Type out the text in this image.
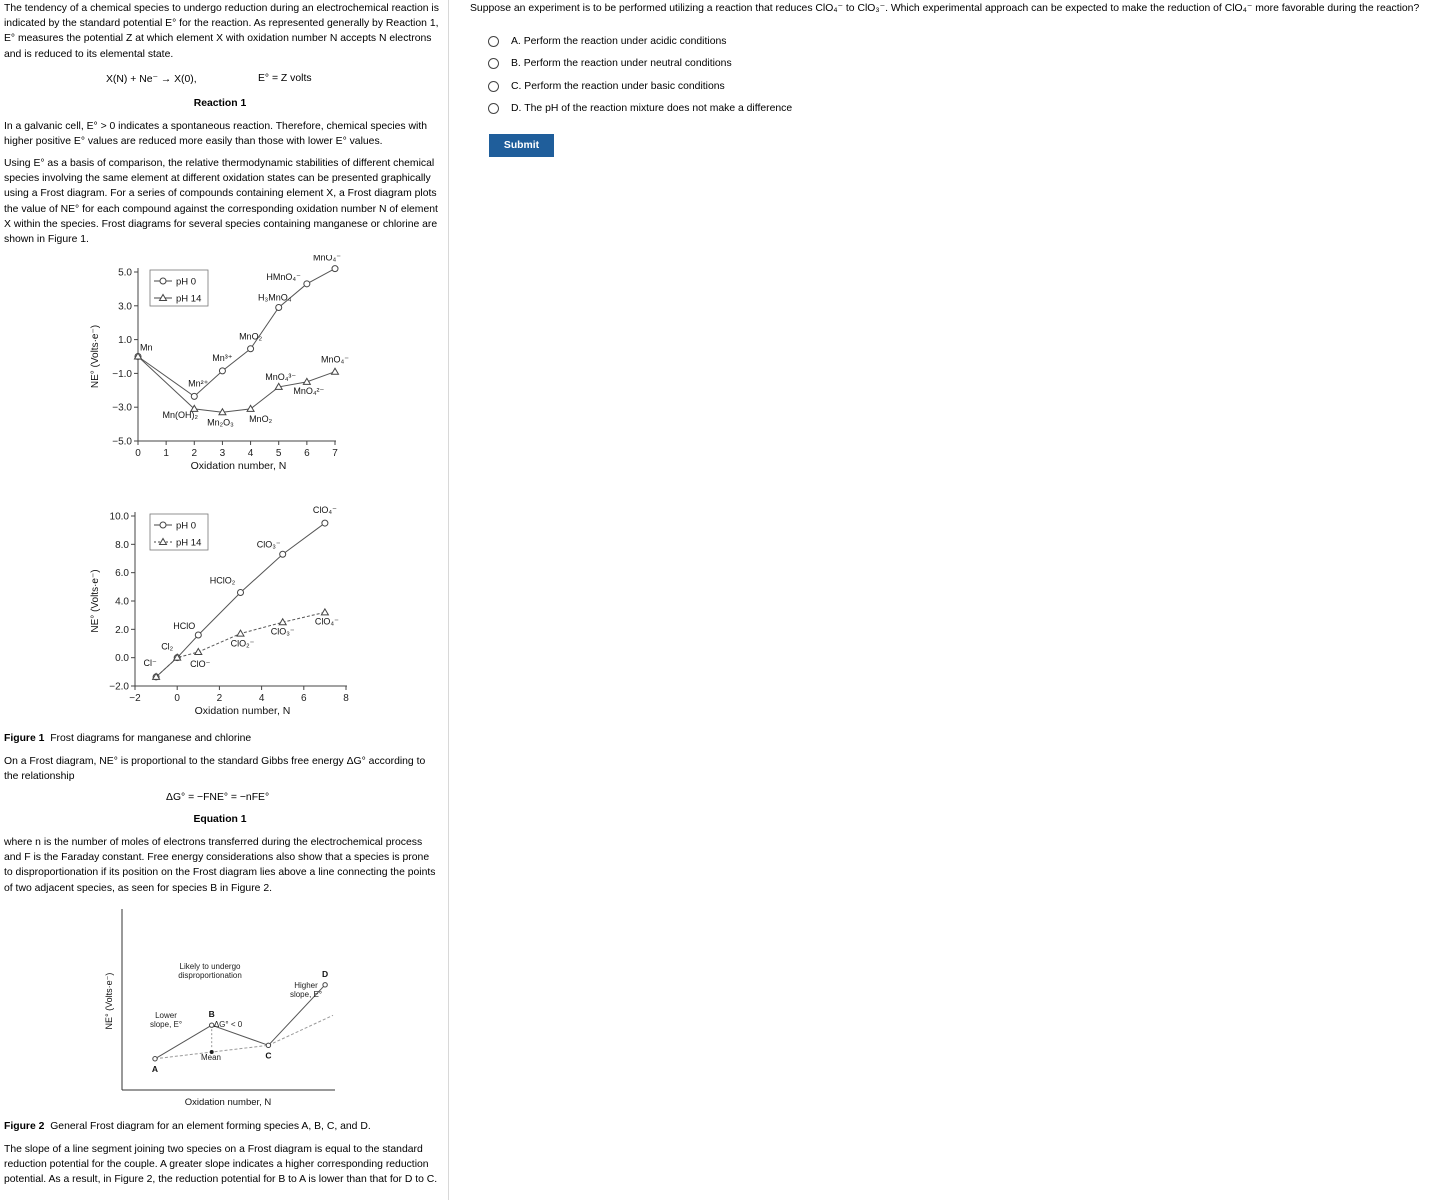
The tendency of a chemical species to undergo reduction during an electrochemical reaction is indicated by the standard potential E° for the reaction. As represented generally by Reaction 1, E° measures the potential Z at which element X with oxidation number N accepts N electrons and is reduced to its elemental state.

X(N) + Ne⁻ → X(0),	E° = Z volts
Reaction 1

In a galvanic cell, E° > 0 indicates a spontaneous reaction. Therefore, chemical species with higher positive E° values are reduced more easily than those with lower E° values.

Using E° as a basis of comparison, the relative thermodynamic stabilities of different chemical species involving the same element at different oxidation states can be presented graphically using a Frost diagram. For a series of compounds containing element X, a Frost diagram plots the value of NE° for each compound against the corresponding oxidation number N of element X within the species. Frost diagrams for several species containing manganese or chlorine are shown in Figure 1.

5.0
3.0
1.0
−1.0
−3.0
−5.0
0 1 2 3 4 5 6 7
Oxidation number, N
NE° (Volts·e⁻)
pH 0
pH 14
Mn
Mn²⁺
Mn³⁺
MnO₂
H₃MnO₄
HMnO₄⁻
MnO₄⁻
Mn(OH)₂
Mn₂O₃ MnO₂
MnO₄³⁻
MnO₄²⁻
MnO₄⁻
10.0
8.0
6.0
4.0
2.0
0.0
−2.0
−2	0	2	4	6	8
Oxidation number, N
NE° (Volts·e⁻)
pH 0
pH 14
Cl⁻
Cl₂
HClO
HClO₂
ClO₃⁻
ClO₄⁻
ClO⁻
ClO₂⁻
ClO₃⁻
ClO₄⁻
Figure 1 Frost diagrams for manganese and chlorine

On a Frost diagram, NE° is proportional to the standard Gibbs free energy ΔG° according to the relationship

ΔG° = −FNE° = −nFE°
Equation 1

where n is the number of moles of electrons transferred during the electrochemical process and F is the Faraday constant. Free energy considerations also show that a species is prone to disproportionation if its position on the Frost diagram lies above a line connecting the points of two adjacent species, as seen for species B in Figure 2.

Oxidation number, N
NE° (Volts·e⁻)
A
B
C
D
Likely to undergo
disproportionation
Lower
slope, E°
Higher
slope, E°
ΔG° < 0
Mean
Figure 2 General Frost diagram for an element forming species A, B, C, and D.

The slope of a line segment joining two species on a Frost diagram is equal to the standard reduction potential for the couple. A greater slope indicates a higher corresponding reduction potential. As a result, in Figure 2, the reduction potential for B to A is lower than that for D to C.

Suppose an experiment is to be performed utilizing a reaction that reduces ClO₄⁻ to ClO₃⁻. Which experimental approach can be expected to make the reduction of ClO₄⁻ more favorable during the reaction?
A.
Perform the reaction under acidic conditions
B.
Perform the reaction under neutral conditions
C.
Perform the reaction under basic conditions
D.
The pH of the reaction mixture does not make a difference
Submit
